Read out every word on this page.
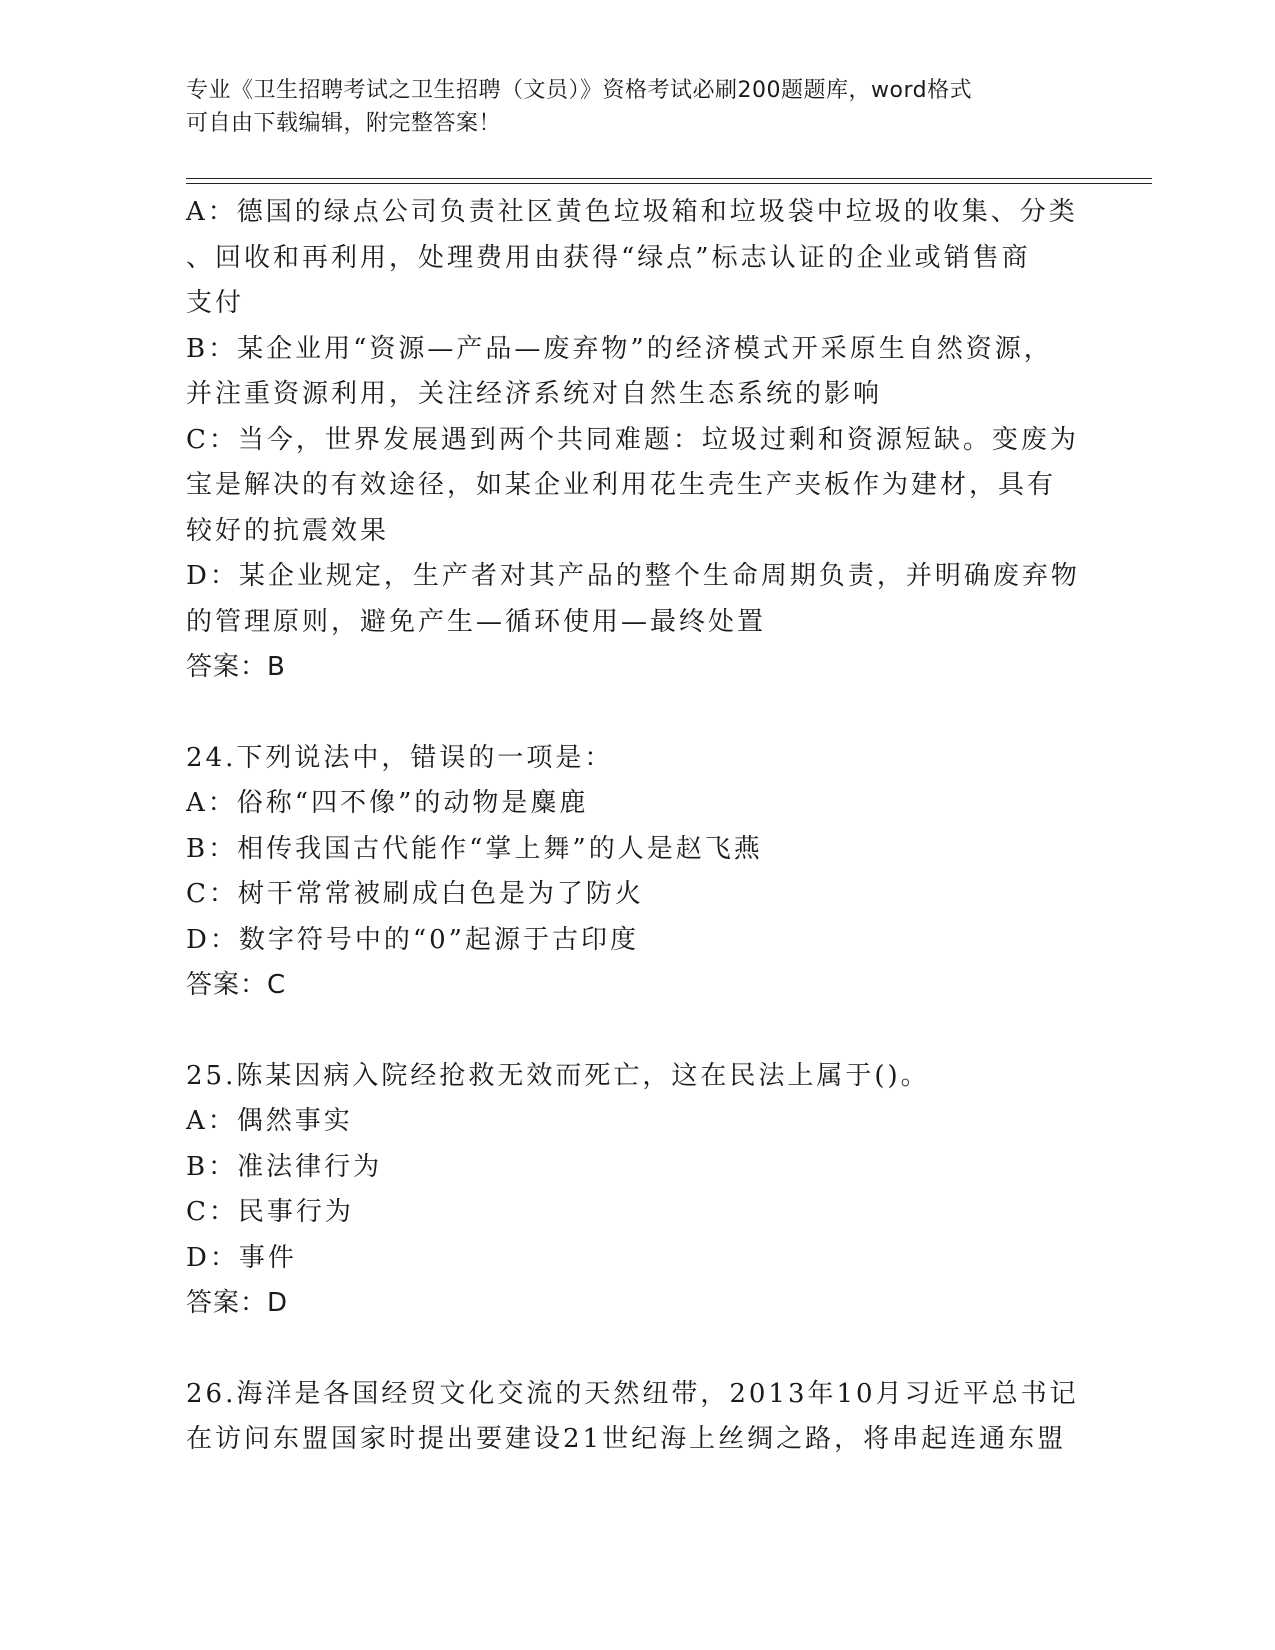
专业《卫生招聘考试之卫生招聘（文员）》资格考试必刷200题题库，word格式
可自由下载编辑，附完整答案！
A：德国的绿点公司负责社区黄色垃圾箱和垃圾袋中垃圾的收集、分类
、回收和再利用，处理费用由获得“绿点”标志认证的企业或销售商
支付
B：某企业用“资源—产品—废弃物”的经济模式开采原生自然资源，
并注重资源利用，关注经济系统对自然生态系统的影响
C：当今，世界发展遇到两个共同难题：垃圾过剩和资源短缺。变废为
宝是解决的有效途径，如某企业利用花生壳生产夹板作为建材，具有
较好的抗震效果
D：某企业规定，生产者对其产品的整个生命周期负责，并明确废弃物
的管理原则，避免产生—循环使用—最终处置
答案：B
24.下列说法中，错误的一项是：
A：俗称“四不像”的动物是麋鹿
B：相传我国古代能作“掌上舞”的人是赵飞燕
C：树干常常被刷成白色是为了防火
D：数字符号中的“0”起源于古印度
答案：C
25.陈某因病入院经抢救无效而死亡，这在民法上属于()。
A：偶然事实
B：准法律行为
C：民事行为
D：事件
答案：D
26.海洋是各国经贸文化交流的天然纽带，2013年10月习近平总书记
在访问东盟国家时提出要建设21世纪海上丝绸之路，将串起连通东盟
